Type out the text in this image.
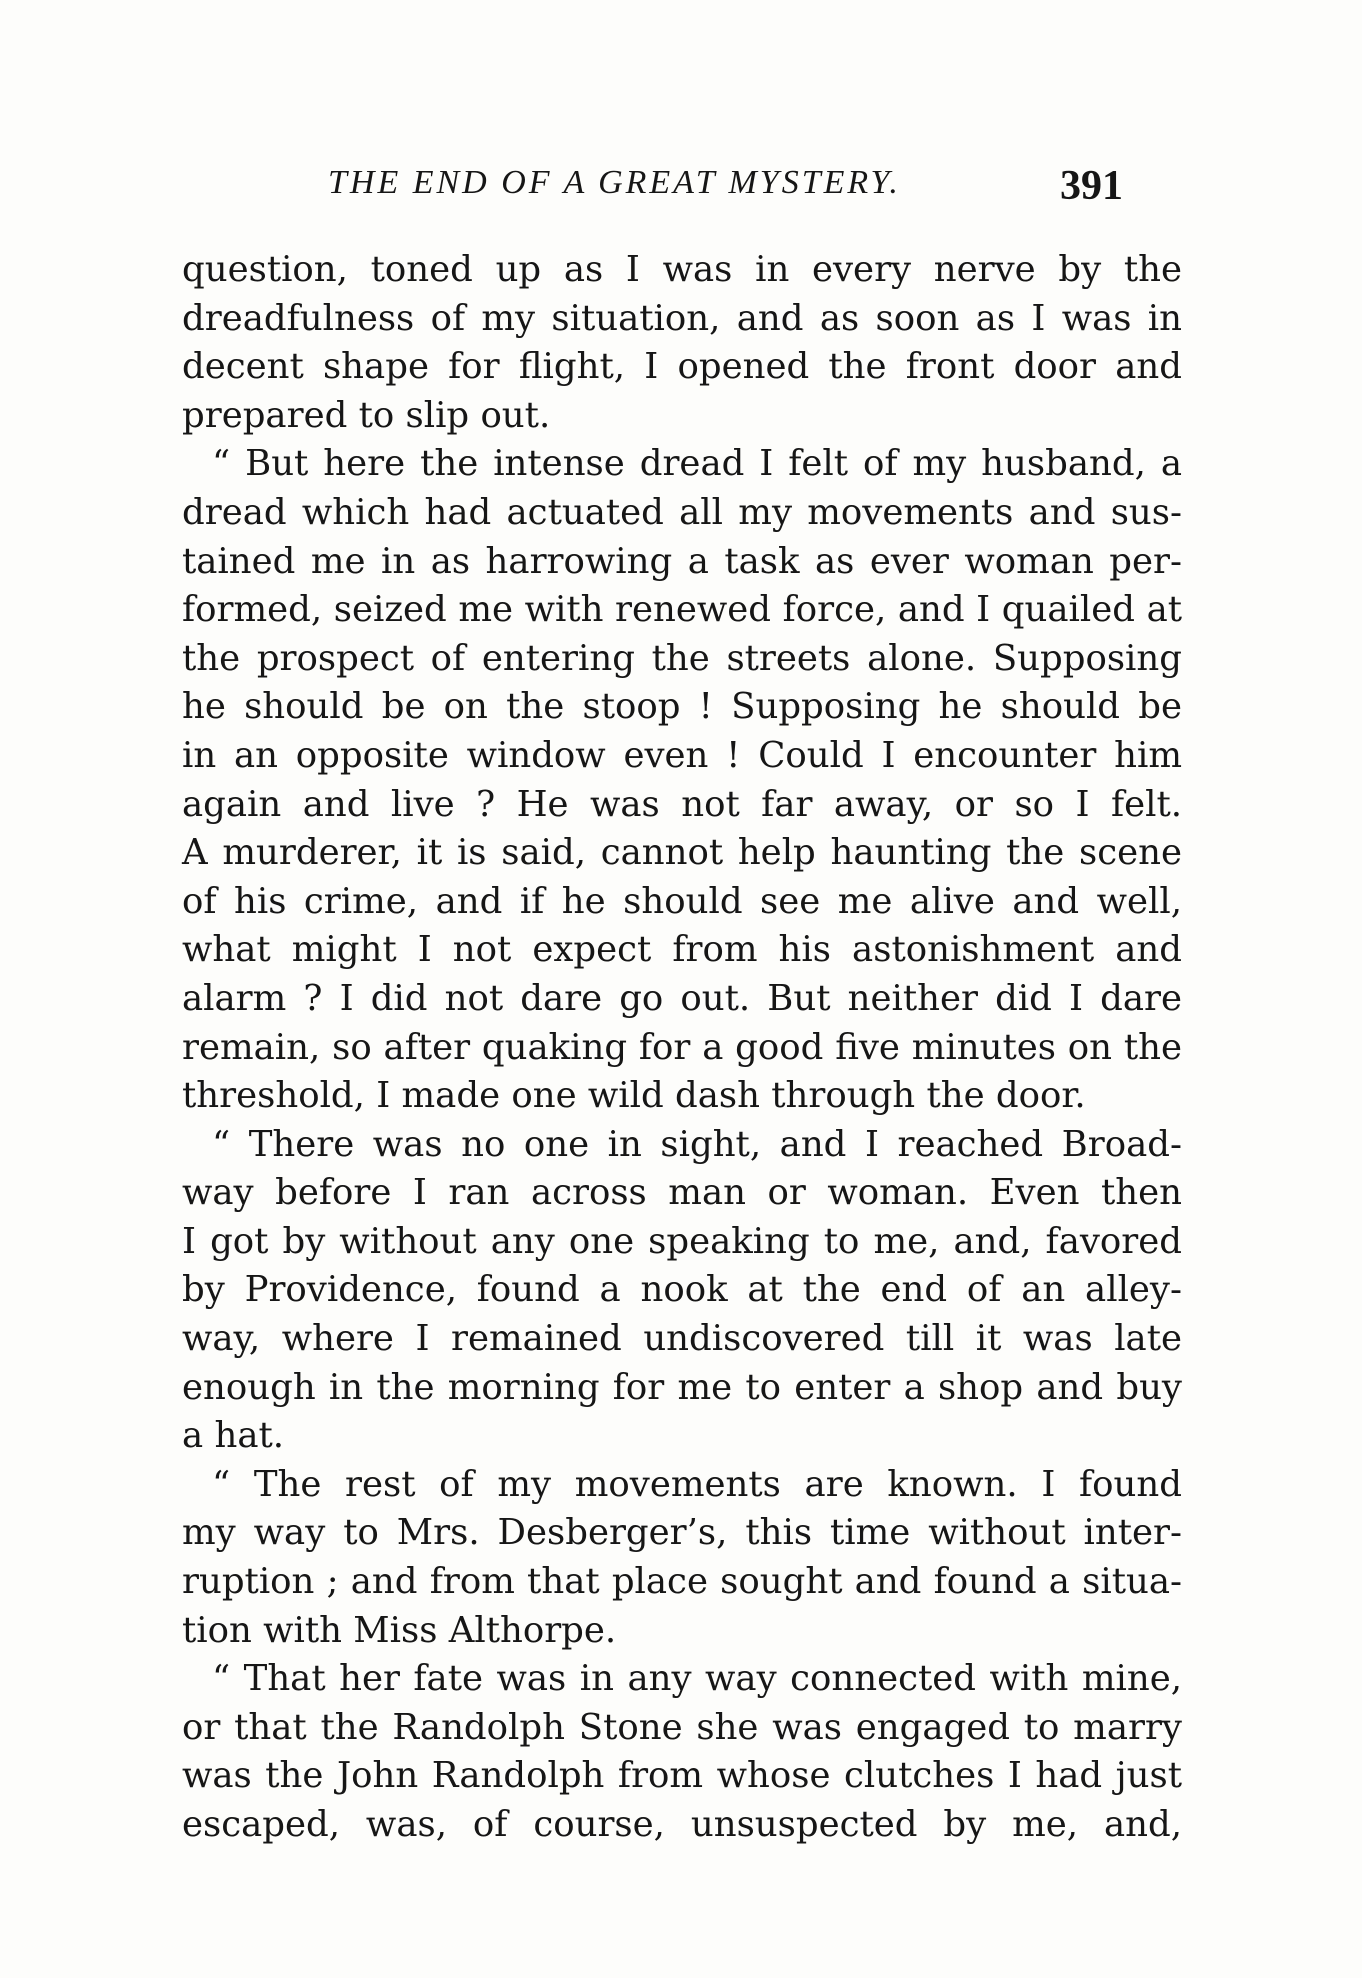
THE END OF A GREAT MYSTERY.	391
question, toned up as I was in every nerve by the
dreadfulness of my situation, and as soon as I was in
decent shape for flight, I opened the front door and
prepared to slip out.
“ But here the intense dread I felt of my husband, a
dread which had actuated all my movements and sus-
tained me in as harrowing a task as ever woman per-
formed, seized me with renewed force, and I quailed at
the prospect of entering the streets alone. Supposing
he should be on the stoop ! Supposing he should be
in an opposite window even ! Could I encounter him
again and live ? He was not far away, or so I felt.
A murderer, it is said, cannot help haunting the scene
of his crime, and if he should see me alive and well,
what might I not expect from his astonishment and
alarm ? I did not dare go out. But neither did I dare
remain, so after quaking for a good five minutes on the
threshold, I made one wild dash through the door.
“ There was no one in sight, and I reached Broad-
way before I ran across man or woman. Even then
I got by without any one speaking to me, and, favored
by Providence, found a nook at the end of an alley-
way, where I remained undiscovered till it was late
enough in the morning for me to enter a shop and buy
a hat.
“ The rest of my movements are known. I found
my way to Mrs. Desberger’s, this time without inter-
ruption ; and from that place sought and found a situa-
tion with Miss Althorpe.
“ That her fate was in any way connected with mine,
or that the Randolph Stone she was engaged to marry
was the John Randolph from whose clutches I had just
escaped, was, of course, unsuspected by me, and,
